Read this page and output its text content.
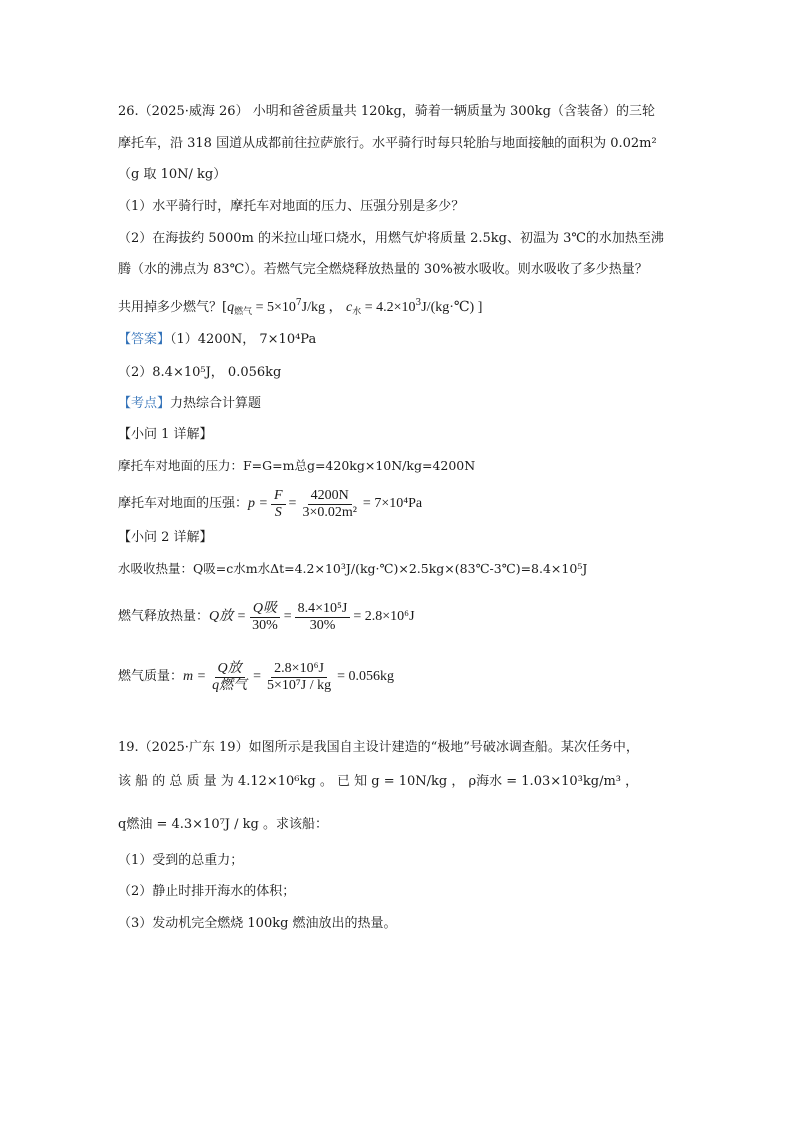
26.（2025·威海 26） 小明和爸爸质量共 120kg，骑着一辆质量为 300kg（含装备）的三轮
摩托车，沿 318 国道从成都前往拉萨旅行。水平骑行时每只轮胎与地面接触的面积为 0.02m²
（g 取 10N/ kg）
（1）水平骑行时，摩托车对地面的压力、压强分别是多少？
（2）在海拔约 5000m 的米拉山垭口烧水，用燃气炉将质量 2.5kg、初温为 3℃的水加热至沸
腾（水的沸点为 83℃）。若燃气完全燃烧释放热量的 30%被水吸收。则水吸收了多少热量？
共用掉多少燃气？[$q_{燃气} = 5\times 10^7J/kg$ ， $c_水$ = $4.2\times 10^3J/(kg\cdot℃)$ ]
【答案】（1）4200N， 7×10⁴Pa
（2）8.4×10⁵J， 0.056kg
【考点】力热综合计算题
【小问 1 详解】
摩托车对地面的压力：F=G=m总g=420kg×10N/kg=4200N
摩托车对地面的压强： $p = \frac{F}{S} = \frac{4200N}{\text{3×0.02m²}} = 7\times 10^4Pa$
【小问 2 详解】
水吸收热量：Q吸=c水m水Δt=4.2×10³J/(kg·℃)×2.5kg×(83℃-3℃)=8.4×10⁵J
燃气释放热量： Q放 = $\frac{\text{Q吸}}{30\%} = \frac{\text{8.4×10⁵J}}{30\%} = 2.8\times 10^6J$
燃气质量： $m = \frac{\text{Q放}}{\text{q燃气}} = \frac{\text{2.8×10⁶J}}{\text{5×10⁷J / kg}} = 0.056kg$
19.（2025·广东 19）如图所示是我国自主设计建造的“极地”号破冰调查船。某次任务中，
该 船 的 总 质 量 为 4.12×10⁶kg 。 已 知 g = 10N/kg ， ρ海水 = 1.03×10³kg/m³ ，
q燃油 = 4.3×10⁷J / kg 。求该船：
（1）受到的总重力；
（2）静止时排开海水的体积；
（3）发动机完全燃烧 100kg 燃油放出的热量。
